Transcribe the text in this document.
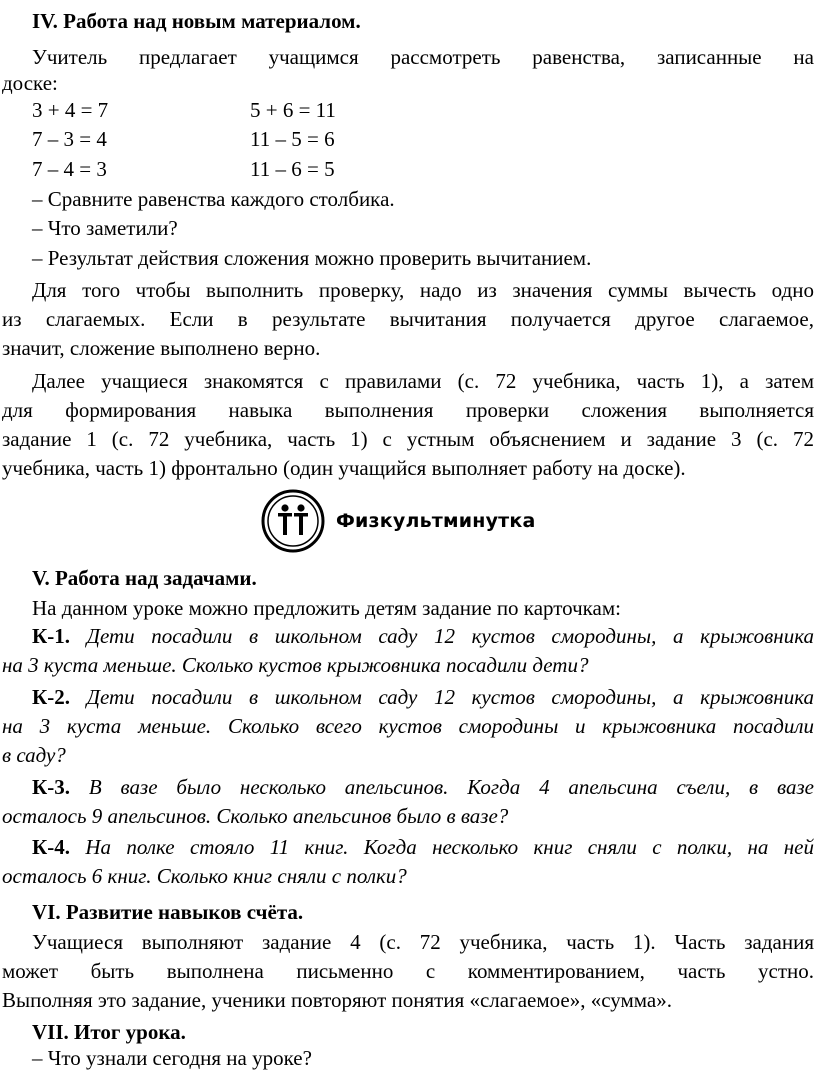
IV. Работа над новым материалом.
Учитель предлагает учащимся рассмотреть равенства, записанные на
доске:
3 + 4 = 7
7 – 3 = 4
7 – 4 = 3
5 + 6 = 11
11 – 5 = 6
11 – 6 = 5
– Сравните равенства каждого столбика.
– Что заметили?
– Результат действия сложения можно проверить вычитанием.
Для того чтобы выполнить проверку, надо из значения суммы вычесть одно
из слагаемых. Если в результате вычитания получается другое слагаемое,
значит, сложение выполнено верно.
Далее учащиеся знакомятся с правилами (с. 72 учебника, часть 1), а затем
для формирования навыка выполнения проверки сложения выполняется
задание 1 (с. 72 учебника, часть 1) с устным объяснением и задание 3 (с. 72
учебника, часть 1) фронтально (один учащийся выполняет работу на доске).
Физкультминутка
V. Работа над задачами.
На данном уроке можно предложить детям задание по карточкам:
К-1. Дети посадили в школьном саду 12 кустов смородины, а крыжовника
на 3 куста меньше. Сколько кустов крыжовника посадили дети?
К-2. Дети посадили в школьном саду 12 кустов смородины, а крыжовника
на 3 куста меньше. Сколько всего кустов смородины и крыжовника посадили
в саду?
К-3. В вазе было несколько апельсинов. Когда 4 апельсина съели, в вазе
осталось 9 апельсинов. Сколько апельсинов было в вазе?
К-4. На полке стояло 11 книг. Когда несколько книг сняли с полки, на ней
осталось 6 книг. Сколько книг сняли с полки?
VI. Развитие навыков счёта.
Учащиеся выполняют задание 4 (с. 72 учебника, часть 1). Часть задания
может быть выполнена письменно с комментированием, часть устно.
Выполняя это задание, ученики повторяют понятия «слагаемое», «сумма».
VII. Итог урока.
– Что узнали сегодня на уроке?
